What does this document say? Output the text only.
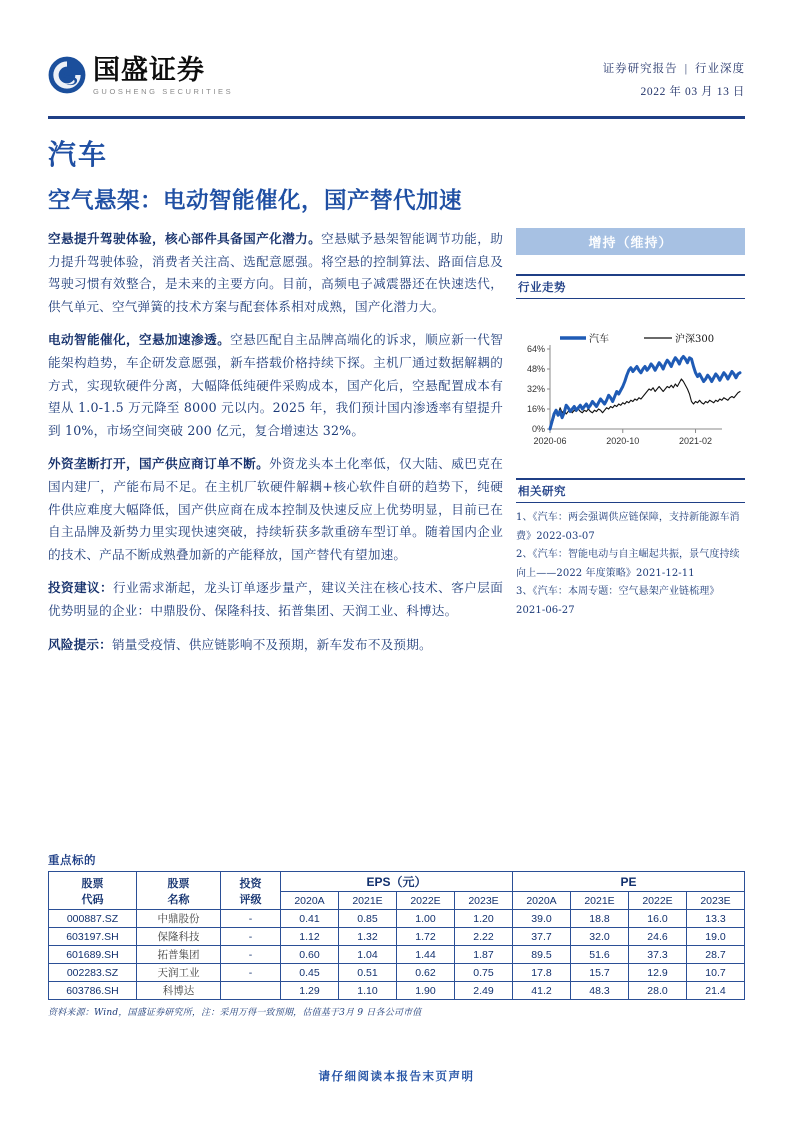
国盛证券
GUOSHENG SECURITIES
证券研究报告 | 行业深度
2022 年 03 月 13 日
汽车
空气悬架：电动智能催化，国产替代加速

空悬提升驾驶体验，核心部件具备国产化潜力。空悬赋予悬架智能调节功能，助力提升驾驶体验，消费者关注高、选配意愿强。将空悬的控制算法、路面信息及驾驶习惯有效整合，是未来的主要方向。目前，高频电子减震器还在快速迭代，供气单元、空气弹簧的技术方案与配套体系相对成熟，国产化潜力大。

电动智能催化，空悬加速渗透。空悬匹配自主品牌高端化的诉求，顺应新一代智能架构趋势，车企研发意愿强，新车搭载价格持续下探。主机厂通过数据解耦的方式，实现软硬件分离，大幅降低纯硬件采购成本，国产化后，空悬配置成本有望从 1.0-1.5 万元降至 8000 元以内。2025 年，我们预计国内渗透率有望提升到 10%，市场空间突破 200 亿元，复合增速达 32%。

外资垄断打开，国产供应商订单不断。外资龙头本土化率低，仅大陆、威巴克在国内建厂，产能布局不足。在主机厂软硬件解耦+核心软件自研的趋势下，纯硬件供应难度大幅降低，国产供应商在成本控制及快速反应上优势明显，目前已在自主品牌及新势力里实现快速突破，持续斩获多款重磅车型订单。随着国内企业的技术、产品不断成熟叠加新的产能释放，国产替代有望加速。

投资建议：行业需求渐起，龙头订单逐步量产，建议关注在核心技术、客户层面优势明显的企业：中鼎股份、保隆科技、拓普集团、天润工业、科博达。

风险提示：销量受疫情、供应链影响不及预期，新车发布不及预期。

增持（维持）
行业走势
汽车	沪深300
0%
16%
32%
48%
64%
2020-06	2020-10	2021-02
相关研究
1、《汽车：两会强调供应链保障，支持新能源车消费》2022-03-07
2、《汽车：智能电动与自主崛起共振，景气度持续向上——2022 年度策略》2021-12-11
3、《汽车：本周专题：空气悬架产业链梳理》2021-06-27
重点标的
股票
代码

股票
名称

投资
评级
	EPS（元）	PE
			2020A	2021E	2022E	2023E	2020A	2021E	2022E	2023E
000887.SZ	中鼎股份	-	0.41	0.85	1.00	1.20	39.0	18.8	16.0	13.3
603197.SH	保隆科技	-	1.12	1.32	1.72	2.22	37.7	32.0	24.6	19.0
601689.SH	拓普集团	-	0.60	1.04	1.44	1.87	89.5	51.6	37.3	28.7
002283.SZ	天润工业	-	0.45	0.51	0.62	0.75	17.8	15.7	12.9	10.7
603786.SH	科博达		1.29	1.10	1.90	2.49	41.2	48.3	28.0	21.4
资料来源：Wind，国盛证券研究所，注：采用万得一致预期，估值基于3月 9 日各公司市值
请仔细阅读本报告末页声明
